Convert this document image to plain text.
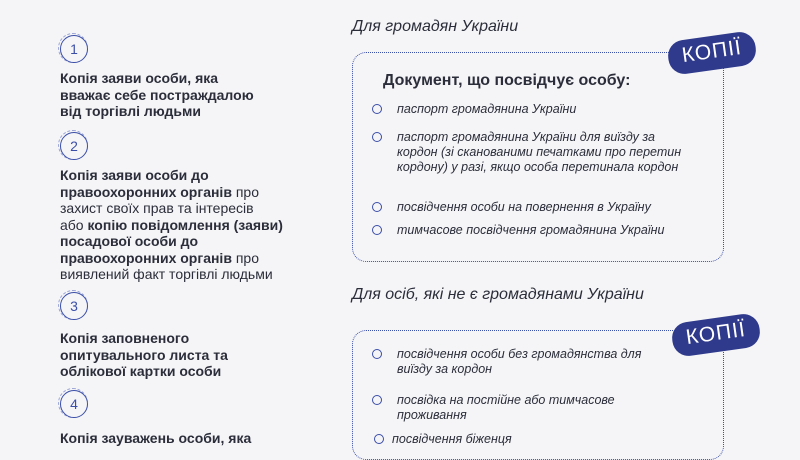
1
Копія заяви особи, яка
вважає себе постраждалою
від торгівлі людьми
2
Копія заяви особи до
правоохоронних органів про
захист своїх прав та інтересів
або копію повідомлення (заяви)
посадової особи до
правоохоронних органів про
виявлений факт торгівлі людьми
3
Копія заповненого
опитувального листа та
облікової картки особи
4
Копія зауважень особи, яка
Для громадян України
КОПІЇ
Документ, що посвідчує особу:
паспорт громадянина України
паспорт громадянина України для виїзду за кордон (зі сканованими печатками про перетин кордону) у разі, якщо особа перетинала кордон
посвідчення особи на повернення в Україну
тимчасове посвідчення громадянина України
Для осіб, які не є громадянами України
КОПІЇ
посвідчення особи без громадянства для виїзду за кордон
посвідка на постійне або тимчасове проживання
посвідчення біженця
